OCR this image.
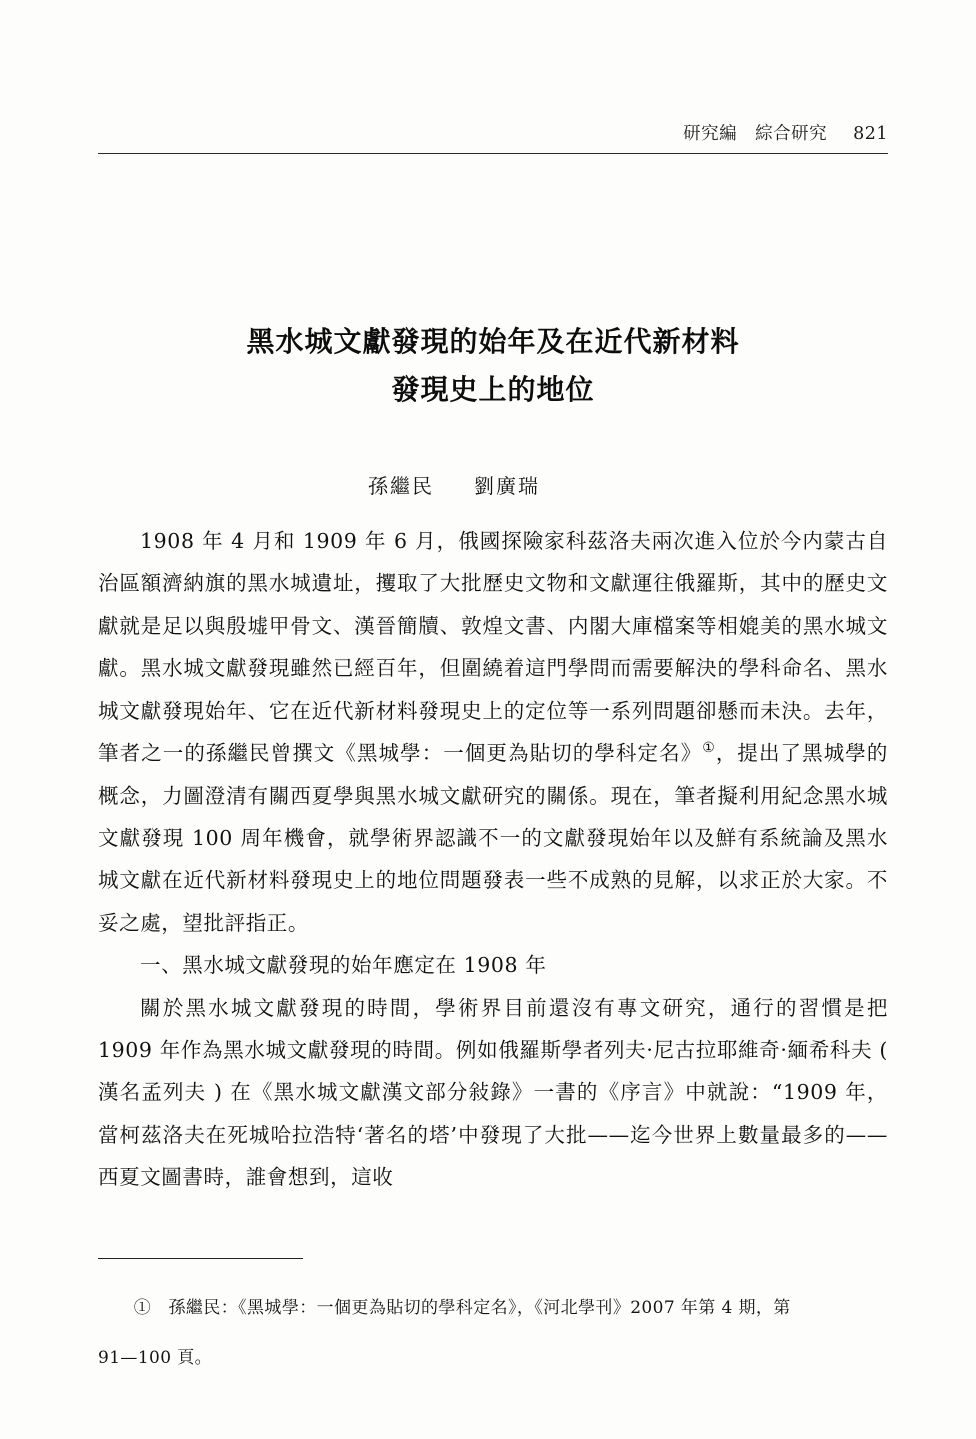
研究編 綜合研究 821
黑水城文獻發現的始年及在近代新材料
發現史上的地位
孫繼民 劉廣瑞

1908 年 4 月和 1909 年 6 月，俄國探險家科茲洛夫兩次進入位於今内蒙古自治區額濟納旗的黑水城遺址，攫取了大批歷史文物和文獻運往俄羅斯，其中的歷史文獻就是足以與殷墟甲骨文、漢晉簡牘、敦煌文書、内閣大庫檔案等相媲美的黑水城文獻。黑水城文獻發現雖然已經百年，但圍繞着這門學問而需要解決的學科命名、黑水城文獻發現始年、它在近代新材料發現史上的定位等一系列問題卻懸而未決。去年，筆者之一的孫繼民曾撰文《黑城學：一個更為貼切的學科定名》①，提出了黑城學的概念，力圖澄清有關西夏學與黑水城文獻研究的關係。現在，筆者擬利用紀念黑水城文獻發現 100 周年機會，就學術界認識不一的文獻發現始年以及鮮有系統論及黑水城文獻在近代新材料發現史上的地位問題發表一些不成熟的見解，以求正於大家。不妥之處，望批評指正。

一、黑水城文獻發現的始年應定在 1908 年

關於黑水城文獻發現的時間，學術界目前還沒有專文研究，通行的習慣是把 1909 年作為黑水城文獻發現的時間。例如俄羅斯學者列夫·尼古拉耶維奇·緬希科夫 ( 漢名孟列夫 ) 在《黑水城文獻漢文部分敍錄》一書的《序言》中就說：“1909 年，當柯茲洛夫在死城哈拉浩特‘著名的塔’中發現了大批——迄今世界上數量最多的——西夏文圖書時，誰會想到，這收

① 孫繼民：《黑城學：一個更為貼切的學科定名》，《河北學刊》2007 年第 4 期，第

91—100 頁。
